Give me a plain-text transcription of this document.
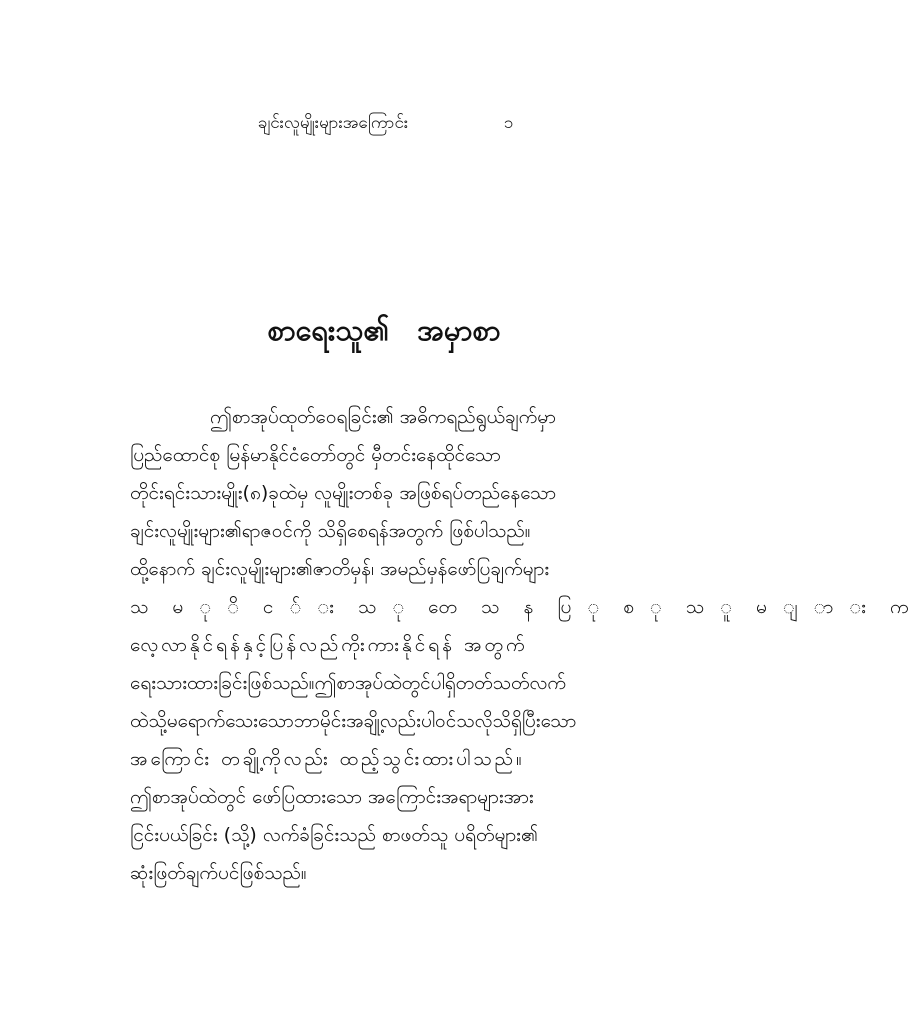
ချင်းလူမျိုးများအကြောင်း	၁
စာရေးသူ၏ အမှာစာ
ဤစာအုပ်ထုတ်ဝေရခြင်း၏ အဓိကရည်ရွယ်ချက်မှာ
ပြည်ထောင်စု မြန်မာနိုင်ငံတော်တွင် မှီတင်းနေထိုင်သော
တိုင်းရင်းသားမျိုး(၈)ခုထဲမှ လူမျိုးတစ်ခု အဖြစ်ရပ်တည်နေသော
ချင်းလူမျိုးများ၏ရာဇဝင်ကို သိရှိစေရန်အတွက် ဖြစ်ပါသည်။
ထို့နောက် ချင်းလူမျိုးများ၏ဇာတိမှန်၊ အမည်မှန်ဖော်ပြချက်များ
သ မ ု ိ င ် း သ ု တေ သ န ပြ ု စ ု သ ူ မ ျ ာ း က
လေ့လာနိုင်ရန်နှင့်ပြန်လည်ကိုးကားနိုင်ရန် အတွက်
ရေးသားထားခြင်းဖြစ်သည်။ဤစာအုပ်ထဲတွင်ပါရှိတတ်သတ်လက်
ထဲသို့မရောက်သေးသောဘာမိုင်းအချို့လည်းပါဝင်သလိုသိရှိပြီးသော
အကြောင်း တချို့ကိုလည်း ထည့်သွင်းထားပါသည်။
ဤစာအုပ်ထဲတွင် ဖော်ပြထားသော အကြောင်းအရာများအား
ငြင်းပယ်ခြင်း (သို့) လက်ခံခြင်းသည် စာဖတ်သူ ပရိတ်များ၏
ဆုံးဖြတ်ချက်ပင်ဖြစ်သည်။
